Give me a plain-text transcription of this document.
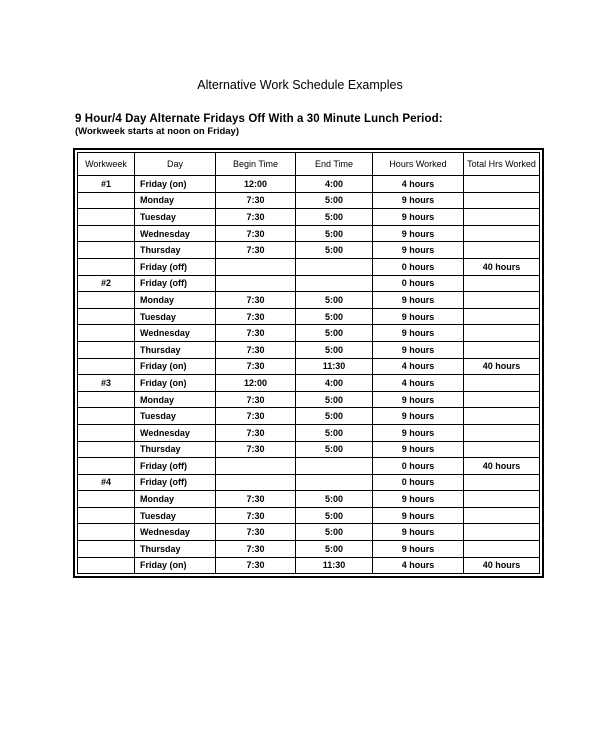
Alternative Work Schedule Examples
9 Hour/4 Day Alternate Fridays Off With a 30 Minute Lunch Period:
(Workweek starts at noon on Friday)
Workweek	Day	Begin Time	End Time	Hours Worked	Total Hrs Worked
#1	Friday (on)	12:00	4:00	4 hours	
	Monday	7:30	5:00	9 hours	
	Tuesday	7:30	5:00	9 hours	
	Wednesday	7:30	5:00	9 hours	
	Thursday	7:30	5:00	9 hours	
	Friday (off)			0 hours	40 hours
#2	Friday (off)			0 hours	
	Monday	7:30	5:00	9 hours	
	Tuesday	7:30	5:00	9 hours	
	Wednesday	7:30	5:00	9 hours	
	Thursday	7:30	5:00	9 hours	
	Friday (on)	7:30	11:30	4 hours	40 hours
#3	Friday (on)	12:00	4:00	4 hours	
	Monday	7:30	5:00	9 hours	
	Tuesday	7:30	5:00	9 hours	
	Wednesday	7:30	5:00	9 hours	
	Thursday	7:30	5:00	9 hours	
	Friday (off)			0 hours	40 hours
#4	Friday (off)			0 hours	
	Monday	7:30	5:00	9 hours	
	Tuesday	7:30	5:00	9 hours	
	Wednesday	7:30	5:00	9 hours	
	Thursday	7:30	5:00	9 hours	
	Friday (on)	7:30	11:30	4 hours	40 hours
